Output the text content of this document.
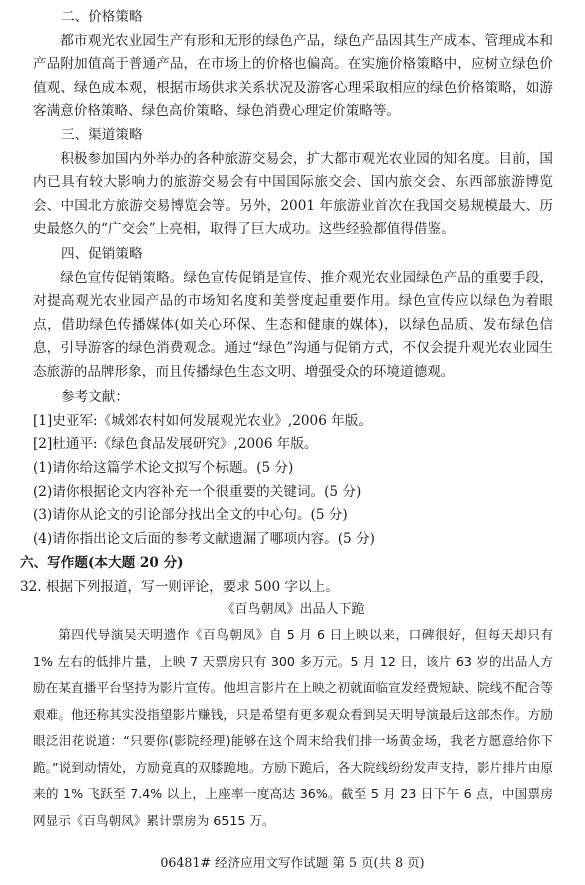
二、价格策略

都市观光农业园生产有形和无形的绿色产品，绿色产品因其生产成本、管理成本和产品附加值高于普通产品，在市场上的价格也偏高。在实施价格策略中，应树立绿色价值观、绿色成本观，根据市场供求关系状况及游客心理采取相应的绿色价格策略，如游客满意价格策略、绿色高价策略、绿色消费心理定价策略等。

三、渠道策略

积极参加国内外举办的各种旅游交易会，扩大都市观光农业园的知名度。目前，国内已具有较大影响力的旅游交易会有中国国际旅交会、国内旅交会、东西部旅游博览会、中国北方旅游交易博览会等。另外，2001 年旅游业首次在我国交易规模最大、历史最悠久的“广交会”上亮相，取得了巨大成功。这些经验都值得借鉴。

四、促销策略

绿色宣传促销策略。绿色宣传促销是宣传、推介观光农业园绿色产品的重要手段，对提高观光农业园产品的市场知名度和美誉度起重要作用。绿色宣传应以绿色为着眼点，借助绿色传播媒体(如关心环保、生态和健康的媒体)，以绿色品质、发布绿色信息，引导游客的绿色消费观念。通过“绿色”沟通与促销方式，不仅会提升观光农业园生态旅游的品牌形象，而且传播绿色生态文明、增强受众的环境道德观。

参考文献：

[1]史亚军:《城郊农村如何发展观光农业》,2006 年版。

[2]杜通平:《绿色食品发展研究》,2006 年版。

(1)请你给这篇学术论文拟写个标题。(5 分)

(2)请你根据论文内容补充一个很重要的关键词。(5 分)

(3)请你从论文的引论部分找出全文的中心句。(5 分)

(4)请你指出论文后面的参考文献遗漏了哪项内容。(5 分)

六、写作题(本大题 20 分)

32. 根据下列报道，写一则评论，要求 500 字以上。

《百鸟朝凤》出品人下跪

第四代导演吴天明遗作《百鸟朝凤》自 5 月 6 日上映以来，口碑很好，但每天却只有 1% 左右的低排片量，上映 7 天票房只有 300 多万元。5 月 12 日，该片 63 岁的出品人方励在某直播平台坚持为影片宣传。他坦言影片在上映之初就面临宣发经费短缺、院线不配合等艰难。他还称其实没指望影片赚钱，只是希望有更多观众看到吴天明导演最后这部杰作。方励眼泛泪花说道：“只要你(影院经理)能够在这个周末给我们排一场黄金场，我老方愿意给你下跪。”说到动情处，方励竟真的双膝跪地。方励下跪后，各大院线纷纷发声支持，影片排片由原来的 1% 飞跃至 7.4% 以上，上座率一度高达 36%。截至 5 月 23 日下午 6 点，中国票房网显示《百鸟朝凤》累计票房为 6515 万。

06481# 经济应用文写作试题 第 5 页(共 8 页)
